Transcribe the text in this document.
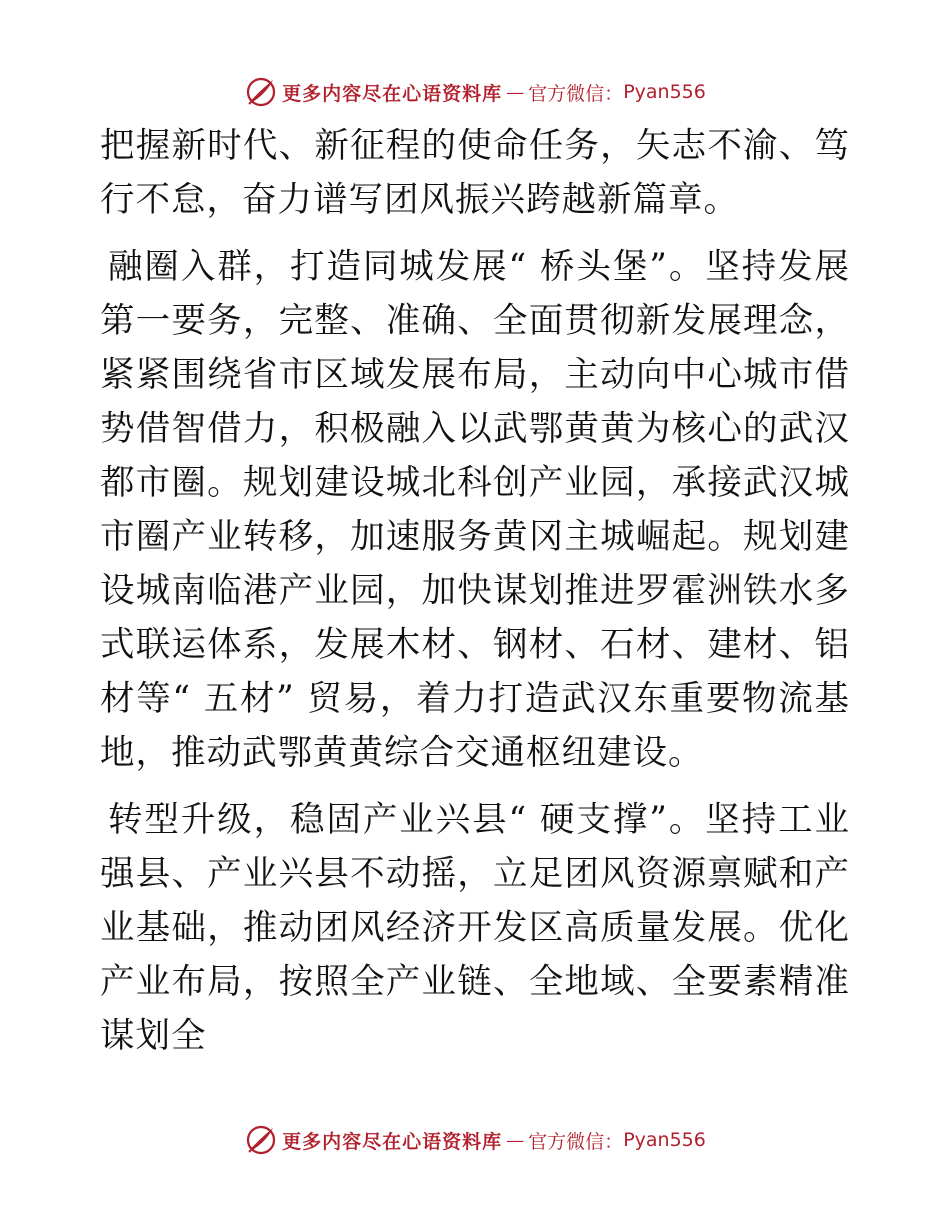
更多内容尽在心语资料库 — 官方微信： Pyan556

把握新时代、新征程的使命任务，矢志不渝、笃行不怠，奋力谱写团风振兴跨越新篇章。

融圈入群，打造同城发展“ 桥头堡”。坚持发展第一要务，完整、准确、全面贯彻新发展理念，紧紧围绕省市区域发展布局，主动向中心城市借势借智借力，积极融入以武鄂黄黄为核心的武汉都市圈。规划建设城北科创产业园，承接武汉城市圈产业转移，加速服务黄冈主城崛起。规划建设城南临港产业园，加快谋划推进罗霍洲铁水多式联运体系，发展木材、钢材、石材、建材、铝材等“ 五材” 贸易，着力打造武汉东重要物流基地，推动武鄂黄黄综合交通枢纽建设。

转型升级，稳固产业兴县“ 硬支撑”。坚持工业强县、产业兴县不动摇，立足团风资源禀赋和产业基础，推动团风经济开发区高质量发展。优化产业布局，按照全产业链、全地域、全要素精准谋划全

更多内容尽在心语资料库 — 官方微信： Pyan556
